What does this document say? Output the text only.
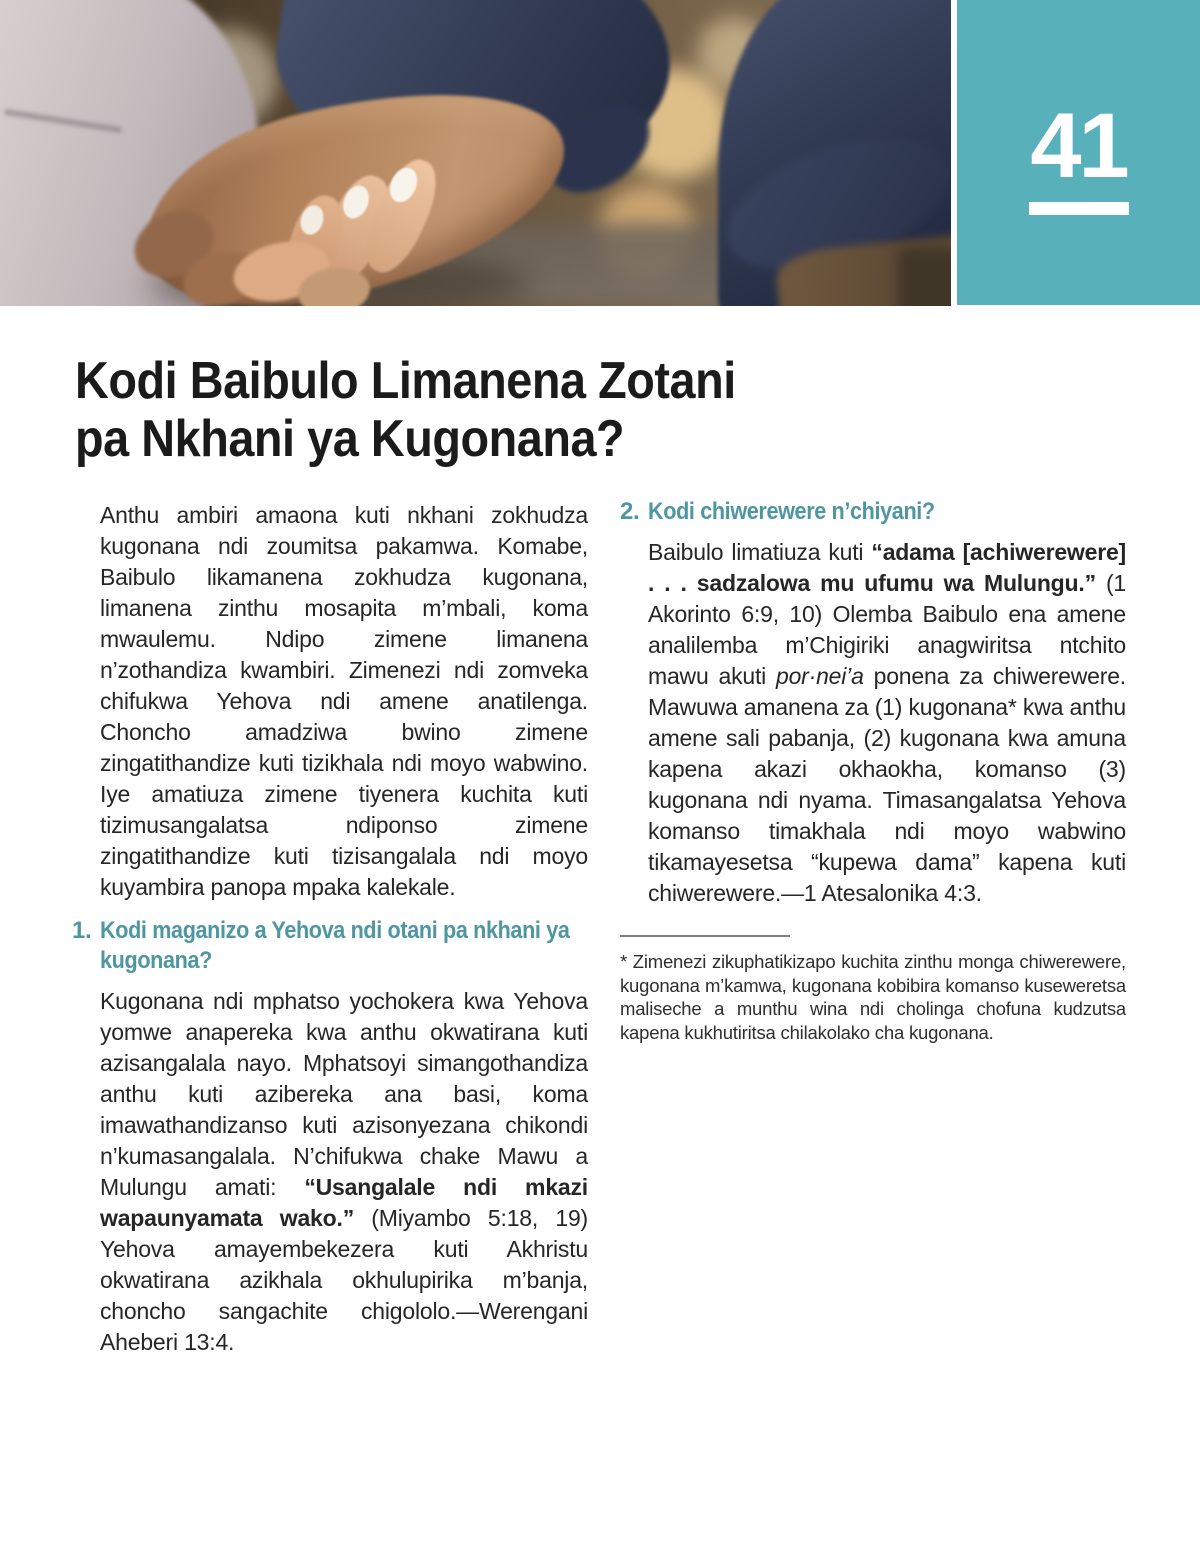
41
Kodi Baibulo Limanena Zotani
pa Nkhani ya Kugonana?

Anthu ambiri amaona kuti nkhani zokhudza kugonana ndi zoumitsa pakamwa. Komabe, Baibulo likamanena zokhudza kugonana, limanena zinthu mosapita m’mbali, koma mwaulemu. Ndipo zimene limanena n’zothandiza kwambiri. Zimenezi ndi zomveka chifukwa Yehova ndi amene anatilenga. Choncho amadziwa bwino zimene zingatithandize kuti tizikhala ndi moyo wabwino. Iye amatiuza zimene tiyenera kuchita kuti tizimusangalatsa ndiponso zimene zingatithandize kuti tizisangalala ndi moyo kuyambira panopa mpaka kalekale.

1. Kodi maganizo a Yehova ndi otani pa nkhani ya kugonana?

Kugonana ndi mphatso yochokera kwa Yehova yomwe anapereka kwa anthu okwatirana kuti azisangalala nayo. Mphatsoyi simangothandiza anthu kuti azibereka ana basi, koma imawathandizanso kuti azisonyezana chikondi n’kumasangalala. N’chifukwa chake Mawu a Mulungu amati: “Usangalale ndi mkazi wapaunyamata wako.” (Miyambo 5:18, 19) Yehova amayembekezera kuti Akhristu okwatirana azikhala okhulupirika m’banja, choncho sangachite chigololo.—Werengani Aheberi 13:4.

2. Kodi chiwerewere n’chiyani?

Baibulo limatiuza kuti “adama [achiwerewere] . . . sadzalowa mu ufumu wa Mulungu.” (1 Akorinto 6:9, 10) Olemba Baibulo ena amene analilemba m’Chigiriki anagwiritsa ntchito mawu akuti por·nei’a ponena za chiwerewere. Mawuwa amanena za (1) kugonana* kwa anthu amene sali pabanja, (2) kugonana kwa amuna kapena akazi okhaokha, komanso (3) kugonana ndi nyama. Timasangalatsa Yehova komanso timakhala ndi moyo wabwino tikamayesetsa “kupewa dama” kapena kuti chiwerewere.—1 Atesalonika 4:3.

* Zimenezi zikuphatikizapo kuchita zinthu monga chiwerewere, kugonana m’kamwa, kugonana kobibira komanso kuseweretsa maliseche a munthu wina ndi cholinga chofuna kudzutsa kapena kukhutiritsa chilakolako cha kugonana.
